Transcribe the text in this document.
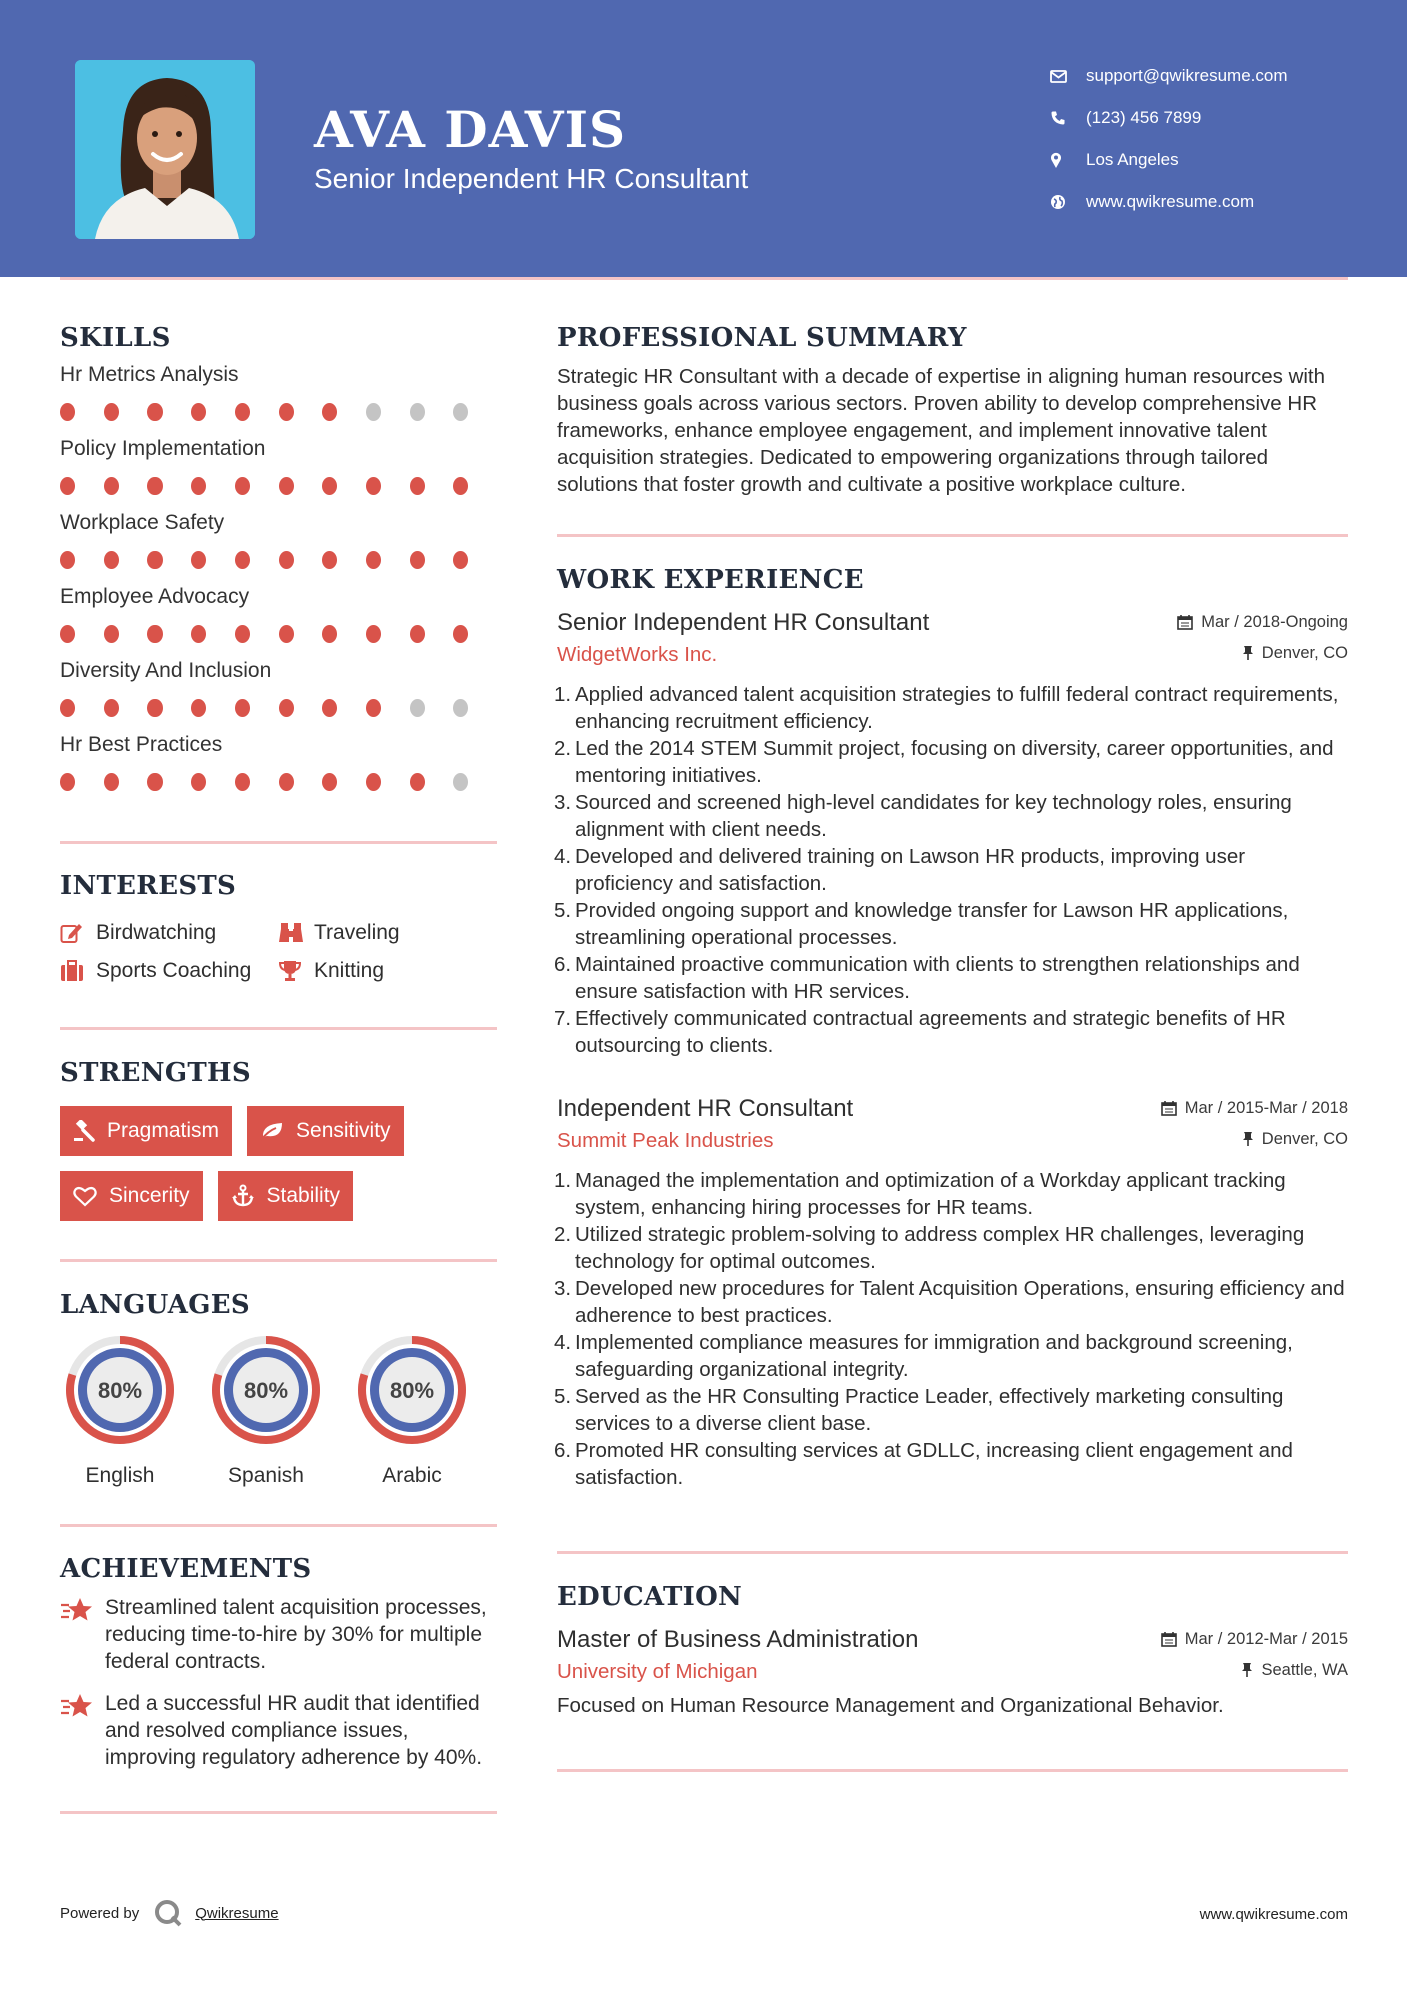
AVA DAVIS
Senior Independent HR Consultant
support@qwikresume.com
(123) 456 7899
Los Angeles
www.qwikresume.com
SKILLS
Hr Metrics Analysis
Policy Implementation
Workplace Safety
Employee Advocacy
Diversity And Inclusion
Hr Best Practices
INTERESTS
Birdwatching	Traveling
Sports Coaching	Knitting
STRENGTHS
Pragmatism	Sensitivity
Sincerity	Stability
LANGUAGES
80%
English
80%
Spanish
80%
Arabic
ACHIEVEMENTS
Streamlined talent acquisition processes, reducing time-to-hire by 30% for multiple federal contracts.
Led a successful HR audit that identified and resolved compliance issues, improving regulatory adherence by 40%.
PROFESSIONAL SUMMARY
Strategic HR Consultant with a decade of expertise in aligning human resources with business goals across various sectors. Proven ability to develop comprehensive HR frameworks, enhance employee engagement, and implement innovative talent acquisition strategies. Dedicated to empowering organizations through tailored solutions that foster growth and cultivate a positive workplace culture.
WORK EXPERIENCE
Senior Independent HR Consultant	Mar / 2018-Ongoing
WidgetWorks Inc.	Denver, CO
1. Applied advanced talent acquisition strategies to fulfill federal contract requirements, enhancing recruitment efficiency.
2. Led the 2014 STEM Summit project, focusing on diversity, career opportunities, and mentoring initiatives.
3. Sourced and screened high-level candidates for key technology roles, ensuring alignment with client needs.
4. Developed and delivered training on Lawson HR products, improving user proficiency and satisfaction.
5. Provided ongoing support and knowledge transfer for Lawson HR applications, streamlining operational processes.
6. Maintained proactive communication with clients to strengthen relationships and ensure satisfaction with HR services.
7. Effectively communicated contractual agreements and strategic benefits of HR outsourcing to clients.
Independent HR Consultant	Mar / 2015-Mar / 2018
Summit Peak Industries	Denver, CO
1. Managed the implementation and optimization of a Workday applicant tracking system, enhancing hiring processes for HR teams.
2. Utilized strategic problem-solving to address complex HR challenges, leveraging technology for optimal outcomes.
3. Developed new procedures for Talent Acquisition Operations, ensuring efficiency and adherence to best practices.
4. Implemented compliance measures for immigration and background screening, safeguarding organizational integrity.
5. Served as the HR Consulting Practice Leader, effectively marketing consulting services to a diverse client base.
6. Promoted HR consulting services at GDLLC, increasing client engagement and satisfaction.
EDUCATION
Master of Business Administration	Mar / 2012-Mar / 2015
University of Michigan	Seattle, WA
Focused on Human Resource Management and Organizational Behavior.
Powered by	Qwikresume	www.qwikresume.com
